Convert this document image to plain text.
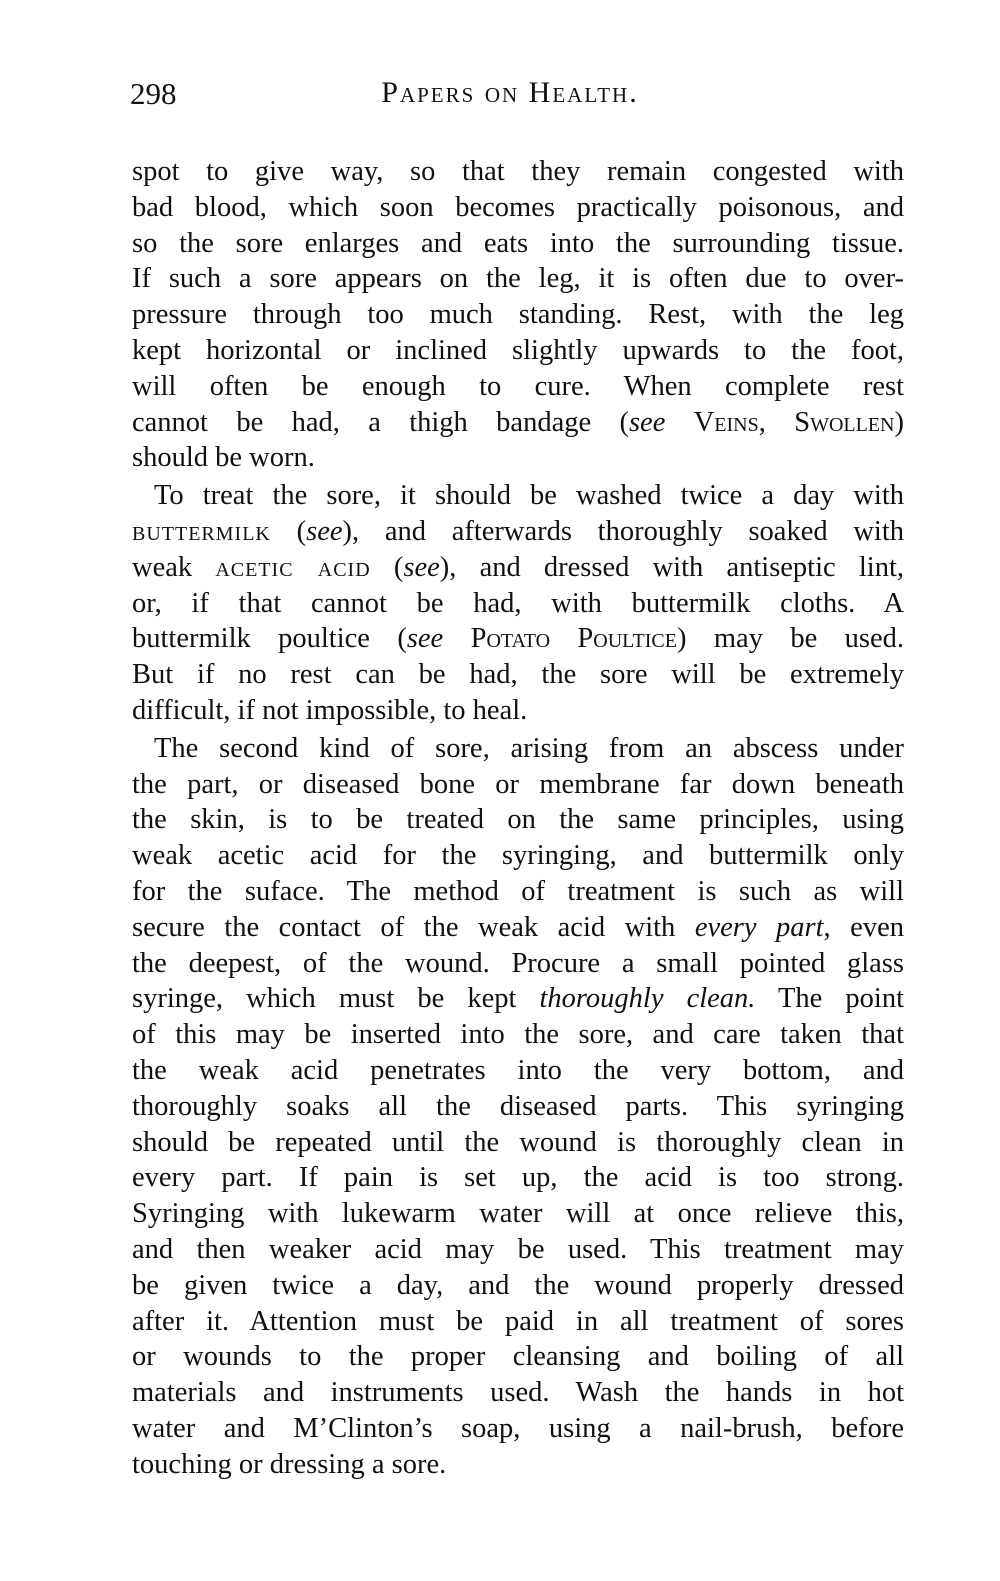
298	Papers on Health.
spot to give way, so that they remain congested with
bad blood, which soon becomes practically poisonous, and
so the sore enlarges and eats into the surrounding tissue.
If such a sore appears on the leg, it is often due to over-
pressure through too much standing. Rest, with the leg
kept horizontal or inclined slightly upwards to the foot,
will often be enough to cure. When complete rest
cannot be had, a thigh bandage (see Veins, Swollen)
should be worn.
To treat the sore, it should be washed twice a day with
buttermilk (see), and afterwards thoroughly soaked with
weak acetic acid (see), and dressed with antiseptic lint,
or, if that cannot be had, with buttermilk cloths. A
buttermilk poultice (see Potato Poultice) may be used.
But if no rest can be had, the sore will be extremely
difficult, if not impossible, to heal.
The second kind of sore, arising from an abscess under
the part, or diseased bone or membrane far down beneath
the skin, is to be treated on the same principles, using
weak acetic acid for the syringing, and buttermilk only
for the suface. The method of treatment is such as will
secure the contact of the weak acid with every part, even
the deepest, of the wound. Procure a small pointed glass
syringe, which must be kept thoroughly clean. The point
of this may be inserted into the sore, and care taken that
the weak acid penetrates into the very bottom, and
thoroughly soaks all the diseased parts. This syringing
should be repeated until the wound is thoroughly clean in
every part. If pain is set up, the acid is too strong.
Syringing with lukewarm water will at once relieve this,
and then weaker acid may be used. This treatment may
be given twice a day, and the wound properly dressed
after it. Attention must be paid in all treatment of sores
or wounds to the proper cleansing and boiling of all
materials and instruments used. Wash the hands in hot
water and M’Clinton’s soap, using a nail-brush, before
touching or dressing a sore.
